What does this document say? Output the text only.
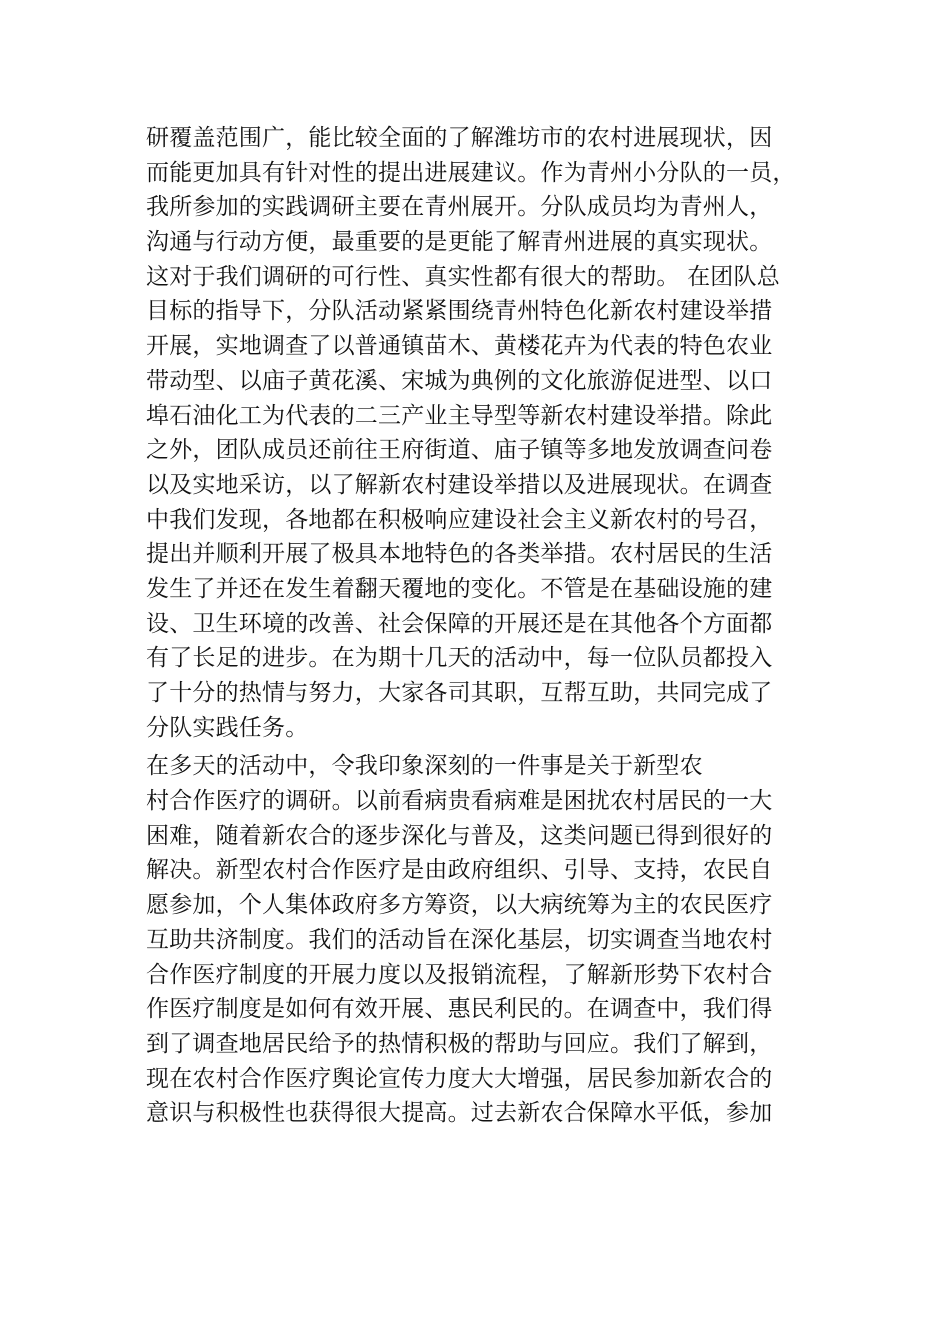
研覆盖范围广，能比较全面的了解潍坊市的农村进展现状，因
而能更加具有针对性的提出进展建议。作为青州小分队的一员，
我所参加的实践调研主要在青州展开。分队成员均为青州人，
沟通与行动方便，最重要的是更能了解青州进展的真实现状。
这对于我们调研的可行性、真实性都有很大的帮助。 在团队总
目标的指导下，分队活动紧紧围绕青州特色化新农村建设举措
开展，实地调查了以普通镇苗木、黄楼花卉为代表的特色农业
带动型、以庙子黄花溪、宋城为典例的文化旅游促进型、以口
埠石油化工为代表的二三产业主导型等新农村建设举措。除此
之外，团队成员还前往王府街道、庙子镇等多地发放调查问卷
以及实地采访，以了解新农村建设举措以及进展现状。在调查
中我们发现，各地都在积极响应建设社会主义新农村的号召，
提出并顺利开展了极具本地特色的各类举措。农村居民的生活
发生了并还在发生着翻天覆地的变化。不管是在基础设施的建
设、卫生环境的改善、社会保障的开展还是在其他各个方面都
有了长足的进步。在为期十几天的活动中，每一位队员都投入
了十分的热情与努力，大家各司其职，互帮互助，共同完成了
分队实践任务。
在多天的活动中，令我印象深刻的一件事是关于新型农
村合作医疗的调研。以前看病贵看病难是困扰农村居民的一大
困难，随着新农合的逐步深化与普及，这类问题已得到很好的
解决。新型农村合作医疗是由政府组织、引导、支持，农民自
愿参加，个人集体政府多方筹资，以大病统筹为主的农民医疗
互助共济制度。我们的活动旨在深化基层，切实调查当地农村
合作医疗制度的开展力度以及报销流程，了解新形势下农村合
作医疗制度是如何有效开展、惠民利民的。在调查中，我们得
到了调查地居民给予的热情积极的帮助与回应。我们了解到，
现在农村合作医疗舆论宣传力度大大增强，居民参加新农合的
意识与积极性也获得很大提高。过去新农合保障水平低，参加
